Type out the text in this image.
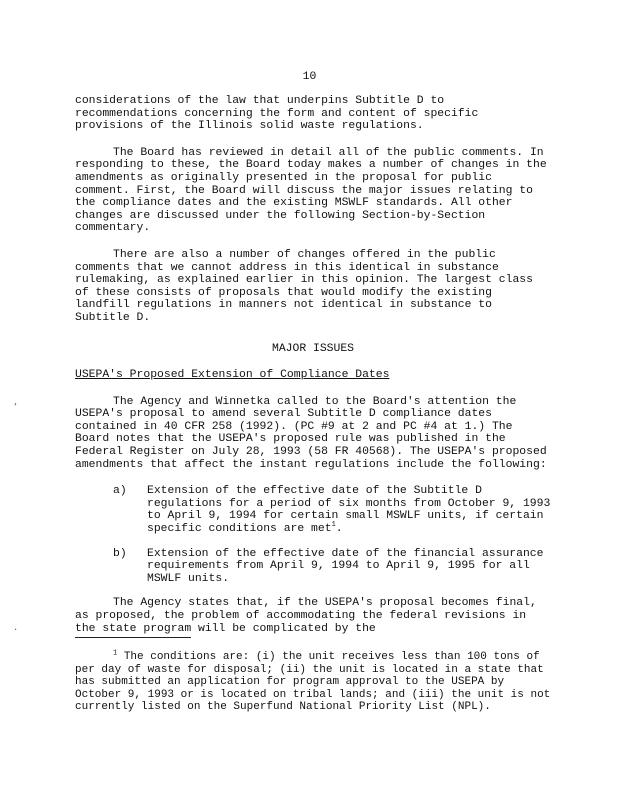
10
,
.

considerations of the law that underpins Subtitle D to recommendations concerning the form and content of specific provisions of the Illinois solid waste regulations.

The Board has reviewed in detail all of the public comments. In responding to these, the Board today makes a number of changes in the amendments as originally presented in the proposal for public comment. First, the Board will discuss the major issues relating to the compliance dates and the existing MSWLF standards. All other changes are discussed under the following Section-by-Section commentary.

There are also a number of changes offered in the public comments that we cannot address in this identical in substance rulemaking, as explained earlier in this opinion. The largest class of these consists of proposals that would modify the existing landfill regulations in manners not identical in substance to Subtitle D.

MAJOR ISSUES
USEPA's Proposed Extension of Compliance Dates

The Agency and Winnetka called to the Board's attention the USEPA's proposal to amend several Subtitle D compliance dates contained in 40 CFR 258 (1992). (PC #9 at 2 and PC #4 at 1.) The Board notes that the USEPA's proposed rule was published in the Federal Register on July 28, 1993 (58 FR 40568). The USEPA's proposed amendments that affect the instant regulations include the following:

a)	Extension of the effective date of the Subtitle D regulations for a period of six months from October 9, 1993 to April 9, 1994 for certain small MSWLF units, if certain specific conditions are met$^1$.
b)	Extension of the effective date of the financial assurance requirements from April 9, 1994 to April 9, 1995 for all MSWLF units.

The Agency states that, if the USEPA's proposal becomes final, as proposed, the problem of accommodating the federal revisions in the state program will be complicated by the

$^1$ The conditions are: (i) the unit receives less than 100 tons of per day of waste for disposal; (ii) the unit is located in a state that has submitted an application for program approval to the USEPA by October 9, 1993 or is located on tribal lands; and (iii) the unit is not currently listed on the Superfund National Priority List (NPL).
